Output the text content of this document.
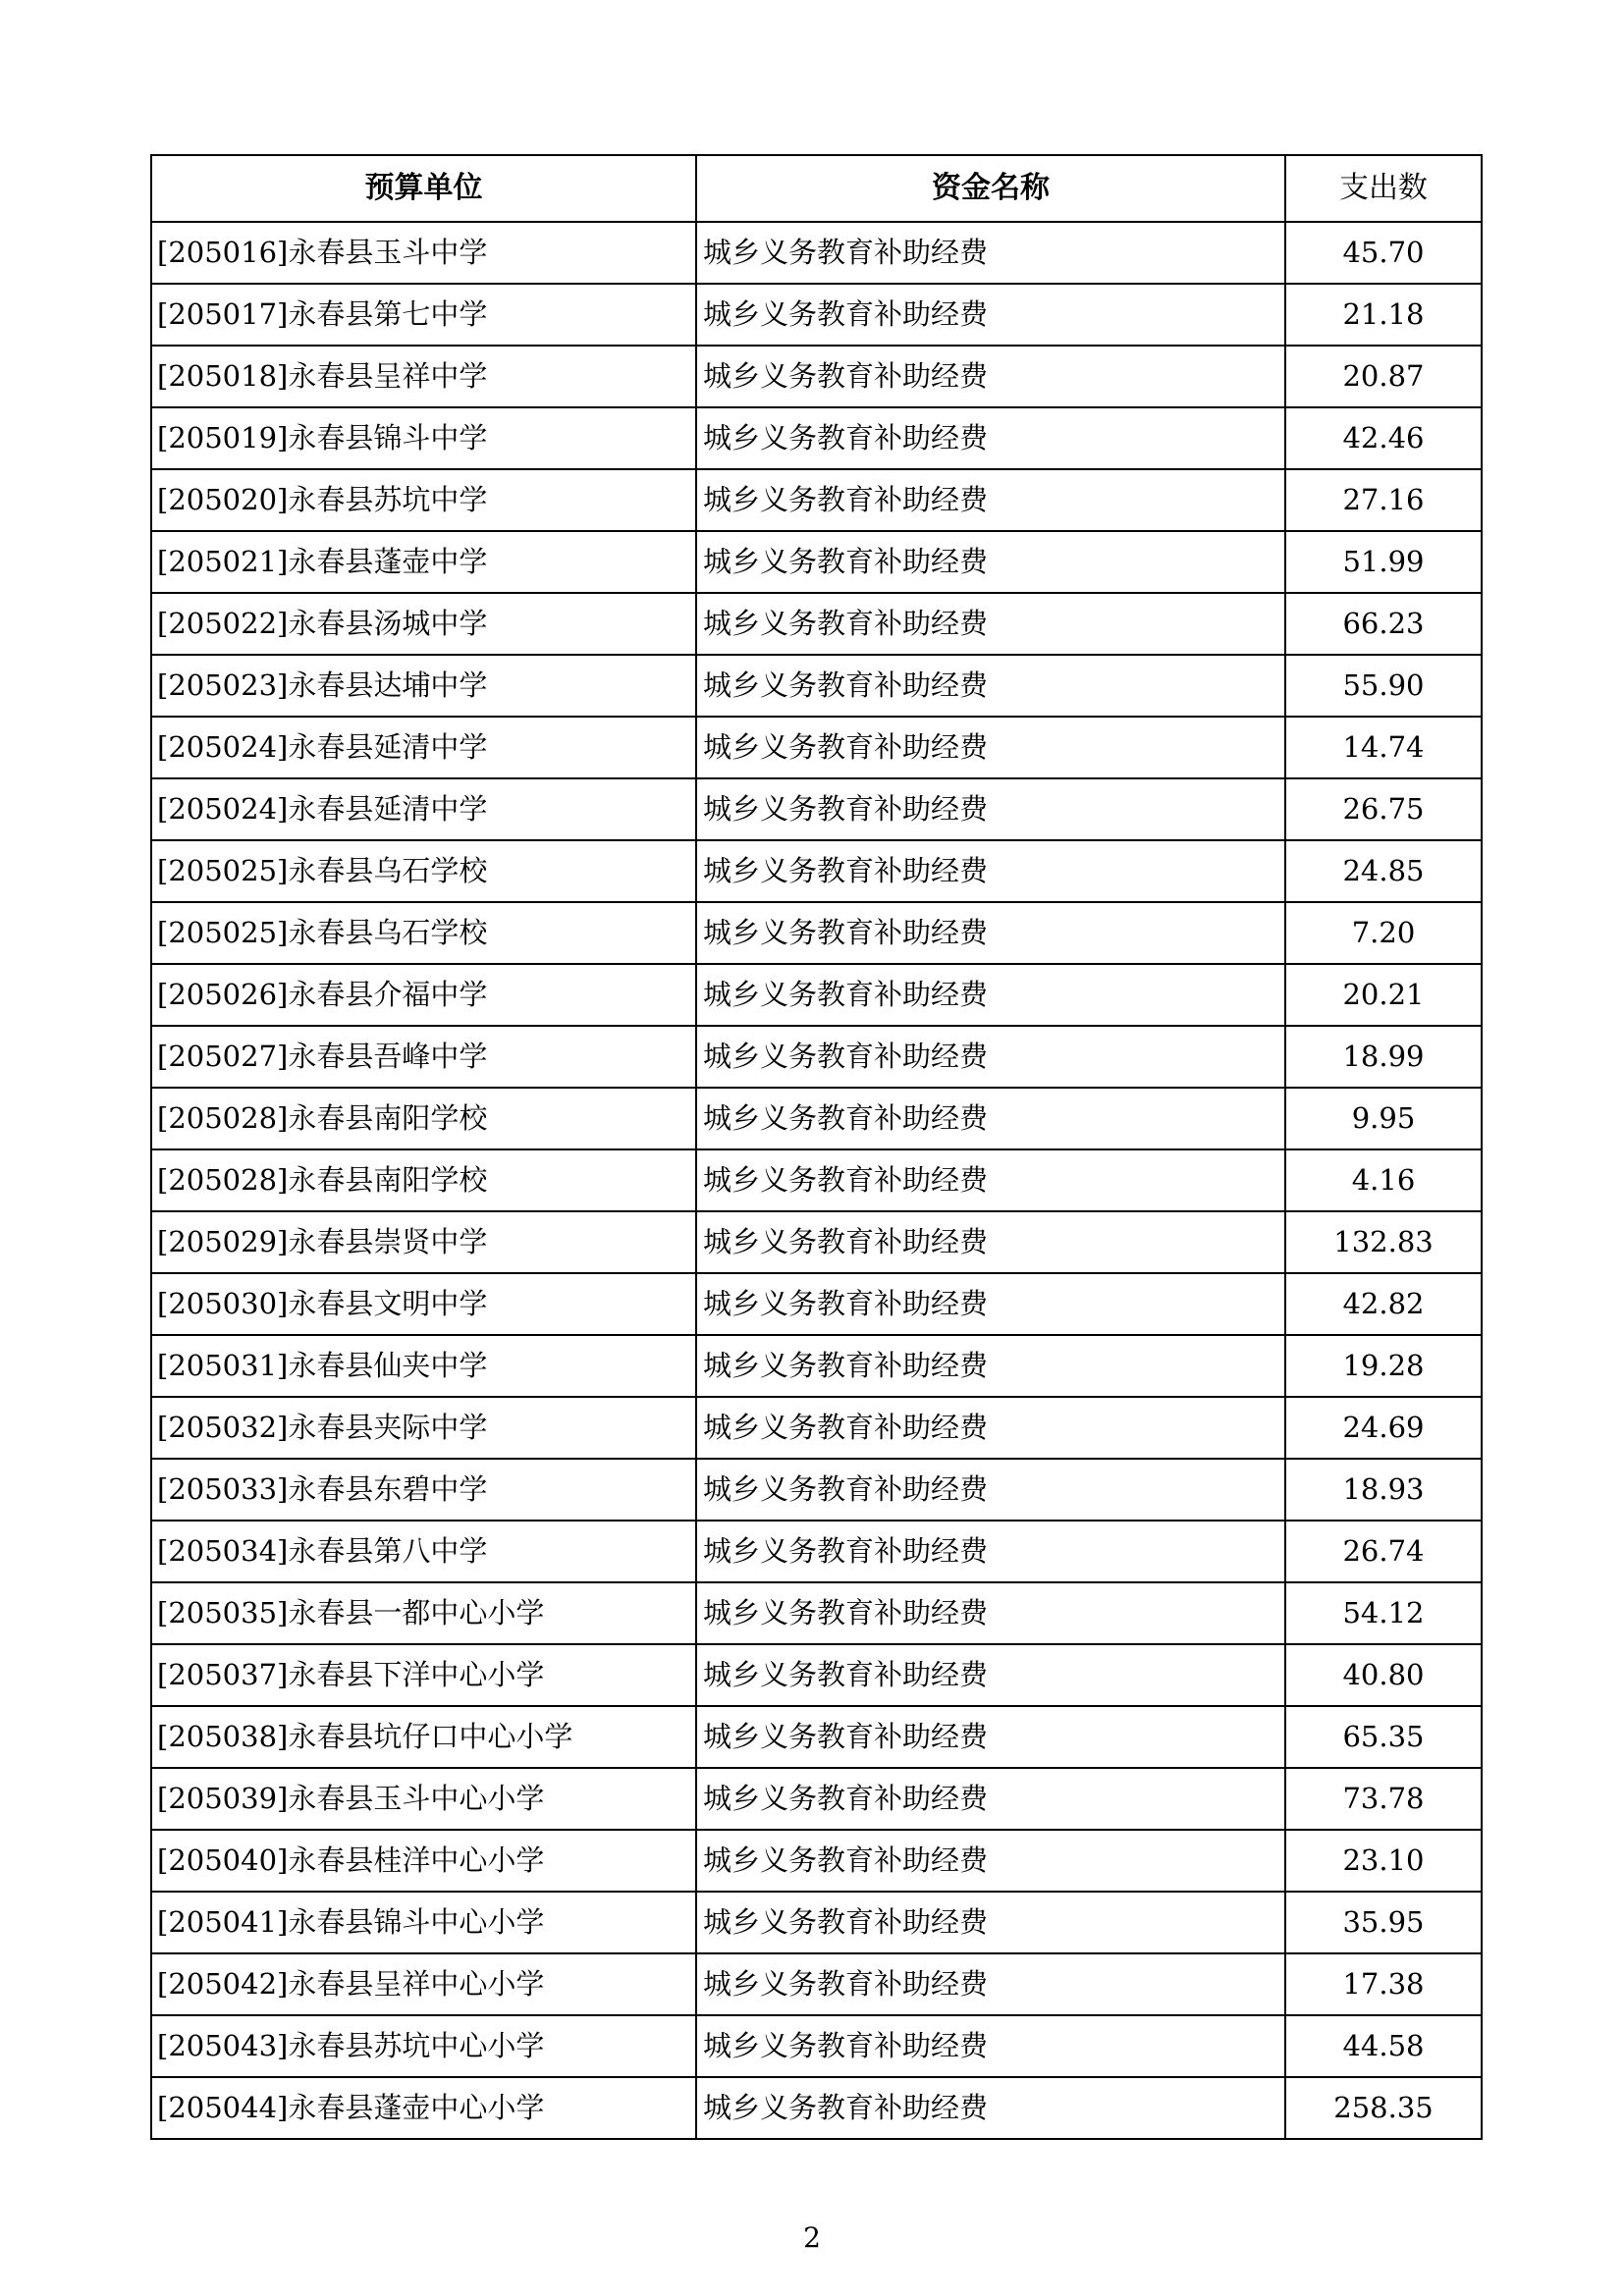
预算单位	资金名称	支出数
[205016]永春县玉斗中学	城乡义务教育补助经费	45.70
[205017]永春县第七中学	城乡义务教育补助经费	21.18
[205018]永春县呈祥中学	城乡义务教育补助经费	20.87
[205019]永春县锦斗中学	城乡义务教育补助经费	42.46
[205020]永春县苏坑中学	城乡义务教育补助经费	27.16
[205021]永春县蓬壶中学	城乡义务教育补助经费	51.99
[205022]永春县汤城中学	城乡义务教育补助经费	66.23
[205023]永春县达埔中学	城乡义务教育补助经费	55.90
[205024]永春县延清中学	城乡义务教育补助经费	14.74
[205024]永春县延清中学	城乡义务教育补助经费	26.75
[205025]永春县乌石学校	城乡义务教育补助经费	24.85
[205025]永春县乌石学校	城乡义务教育补助经费	7.20
[205026]永春县介福中学	城乡义务教育补助经费	20.21
[205027]永春县吾峰中学	城乡义务教育补助经费	18.99
[205028]永春县南阳学校	城乡义务教育补助经费	9.95
[205028]永春县南阳学校	城乡义务教育补助经费	4.16
[205029]永春县崇贤中学	城乡义务教育补助经费	132.83
[205030]永春县文明中学	城乡义务教育补助经费	42.82
[205031]永春县仙夹中学	城乡义务教育补助经费	19.28
[205032]永春县夹际中学	城乡义务教育补助经费	24.69
[205033]永春县东碧中学	城乡义务教育补助经费	18.93
[205034]永春县第八中学	城乡义务教育补助经费	26.74
[205035]永春县一都中心小学	城乡义务教育补助经费	54.12
[205037]永春县下洋中心小学	城乡义务教育补助经费	40.80
[205038]永春县坑仔口中心小学	城乡义务教育补助经费	65.35
[205039]永春县玉斗中心小学	城乡义务教育补助经费	73.78
[205040]永春县桂洋中心小学	城乡义务教育补助经费	23.10
[205041]永春县锦斗中心小学	城乡义务教育补助经费	35.95
[205042]永春县呈祥中心小学	城乡义务教育补助经费	17.38
[205043]永春县苏坑中心小学	城乡义务教育补助经费	44.58
[205044]永春县蓬壶中心小学	城乡义务教育补助经费	258.35
2
